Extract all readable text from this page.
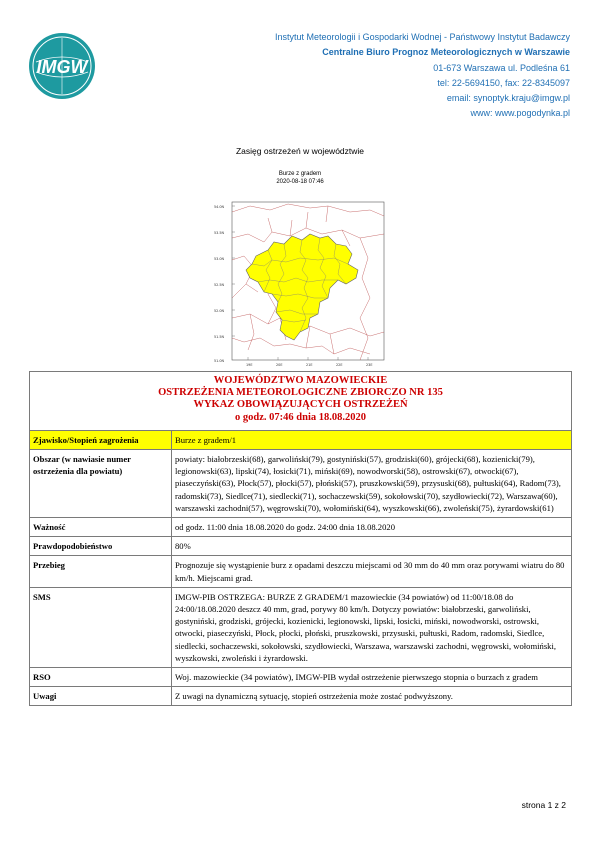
IMGW
Instytut Meteorologii i Gospodarki Wodnej - Państwowy Instytut Badawczy
Centralne Biuro Prognoz Meteorologicznych w Warszawie
01-673 Warszawa ul. Podleśna 61
tel: 22-5694150, fax: 22-8345097
email: synoptyk.kraju@imgw.pl
www: www.pogodynka.pl
Zasięg ostrzeżeń w województwie
Burze z gradem
2020-08-18 07:46
54.0N
53.5N
53.0N
52.5N
52.0N
51.5N
51.0N
19E	20E	21E	22E	23E
WOJEWÓDZTWO MAZOWIECKIE
OSTRZEŻENIA METEOROLOGICZNE ZBIORCZO NR 135
WYKAZ OBOWIĄZUJĄCYCH OSTRZEŻEŃ
o godz. 07:46 dnia 18.08.2020	

Zjawisko/Stopień zagrożenia	Burze z gradem/1
Obszar (w nawiasie numer ostrzeżenia dla powiatu)	powiaty: białobrzeski(68), garwoliński(79), gostyniński(57), grodziski(60), grójecki(68), kozienicki(79), legionowski(63), lipski(74), łosicki(71), miński(69), nowodworski(58), ostrowski(67), otwocki(67), piaseczyński(63), Płock(57), płocki(57), płoński(57), pruszkowski(59), przysuski(68), pułtuski(64), Radom(73), radomski(73), Siedlce(71), siedlecki(71), sochaczewski(59), sokołowski(70), szydłowiecki(72), Warszawa(60), warszawski zachodni(57), węgrowski(70), wołomiński(64), wyszkowski(66), zwoleński(75), żyrardowski(61)
Ważność	od godz. 11:00 dnia 18.08.2020 do godz. 24:00 dnia 18.08.2020
Prawdopodobieństwo	80%
Przebieg	Prognozuje się wystąpienie burz z opadami deszczu miejscami od 30 mm do 40 mm oraz porywami wiatru do 80 km/h. Miejscami grad.
SMS	IMGW-PIB OSTRZEGA: BURZE Z GRADEM/1 mazowieckie (34 powiatów) od 11:00/18.08 do 24:00/18.08.2020 deszcz 40 mm, grad, porywy 80 km/h. Dotyczy powiatów: białobrzeski, garwoliński, gostyniński, grodziski, grójecki, kozienicki, legionowski, lipski, łosicki, miński, nowodworski, ostrowski, otwocki, piaseczyński, Płock, płocki, płoński, pruszkowski, przysuski, pułtuski, Radom, radomski, Siedlce, siedlecki, sochaczewski, sokołowski, szydłowiecki, Warszawa, warszawski zachodni, węgrowski, wołomiński, wyszkowski, zwoleński i żyrardowski.
RSO	Woj. mazowieckie (34 powiatów), IMGW-PIB wydał ostrzeżenie pierwszego stopnia o burzach z gradem
Uwagi	Z uwagi na dynamiczną sytuację, stopień ostrzeżenia może zostać podwyższony.
strona 1 z 2
